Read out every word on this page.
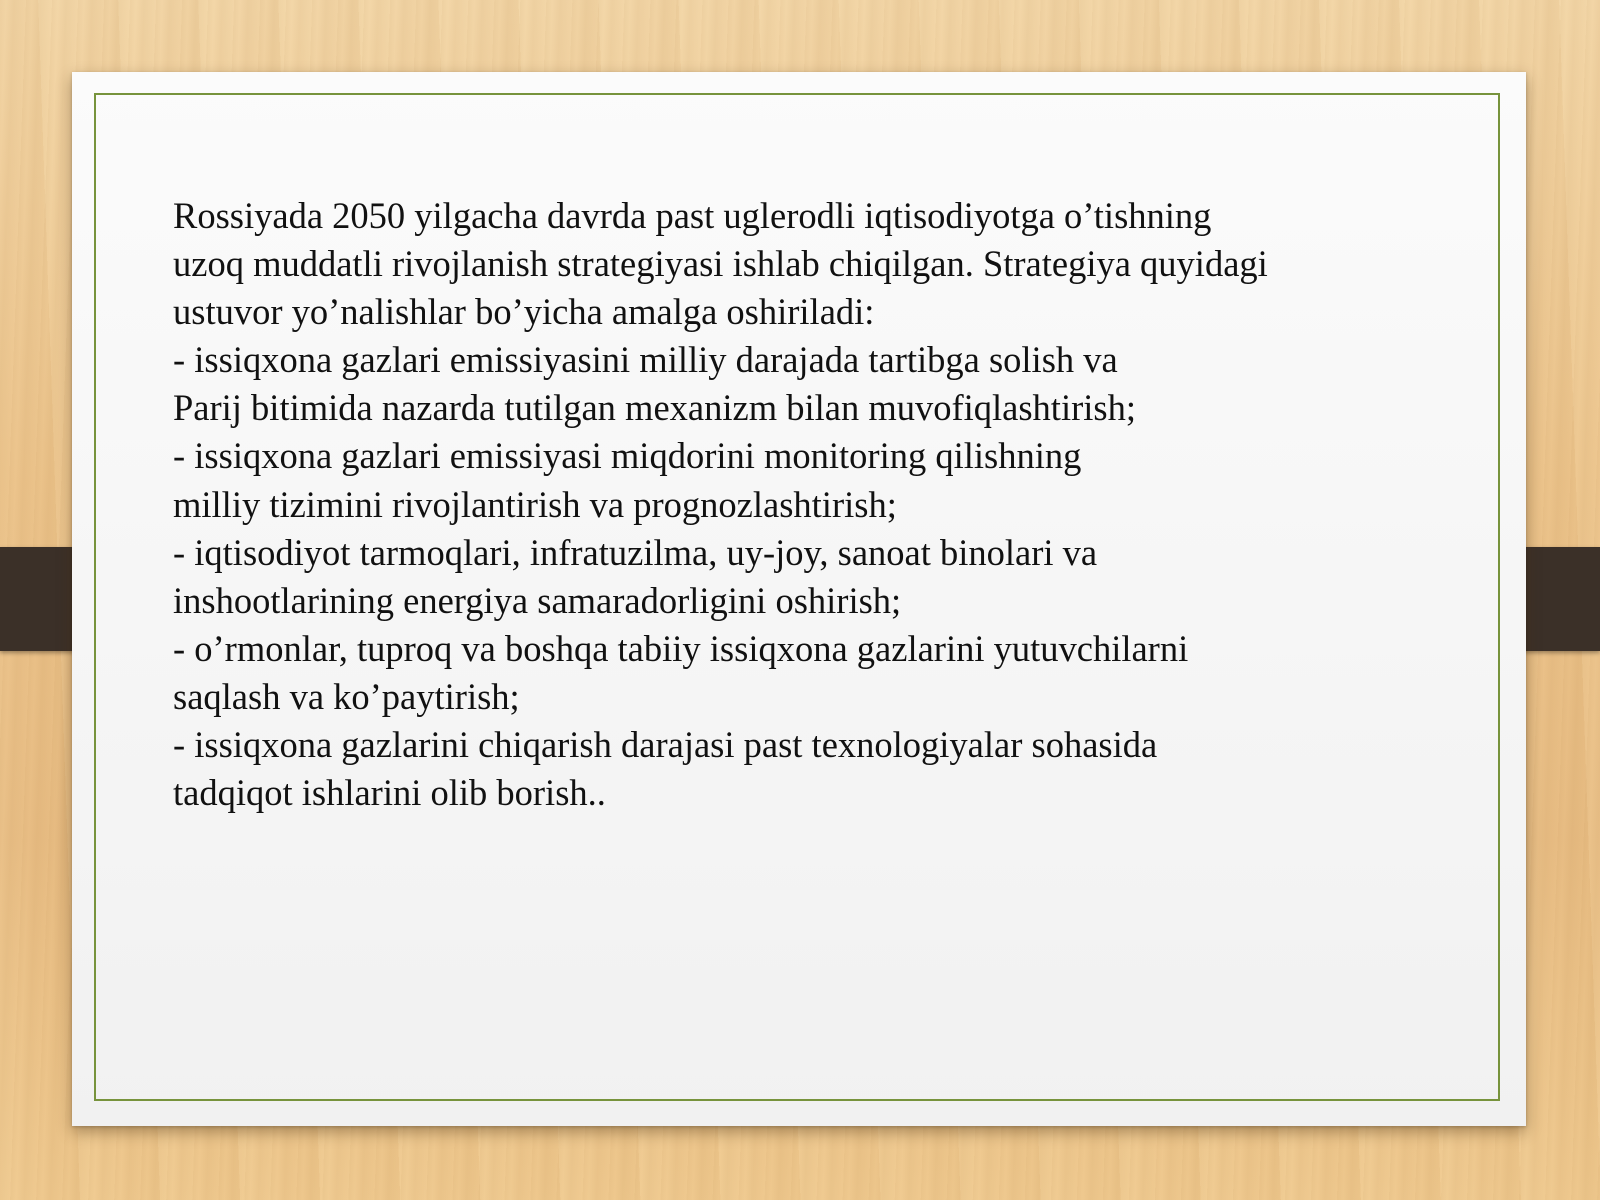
Rossiyada 2050 yilgacha davrda past uglerodli iqtisodiyotga o’tishning
uzoq muddatli rivojlanish strategiyasi ishlab chiqilgan. Strategiya quyidagi
ustuvor yo’nalishlar bo’yicha amalga oshiriladi:
- issiqxona gazlari emissiyasini milliy darajada tartibga solish va
Parij bitimida nazarda tutilgan mexanizm bilan muvofiqlashtirish;
- issiqxona gazlari emissiyasi miqdorini monitoring qilishning
milliy tizimini rivojlantirish va prognozlashtirish;
- iqtisodiyot tarmoqlari, infratuzilma, uy-joy, sanoat binolari va
inshootlarining energiya samaradorligini oshirish;
- o’rmonlar, tuproq va boshqa tabiiy issiqxona gazlarini yutuvchilarni
saqlash va ko’paytirish;
- issiqxona gazlarini chiqarish darajasi past texnologiyalar sohasida
tadqiqot ishlarini olib borish..
